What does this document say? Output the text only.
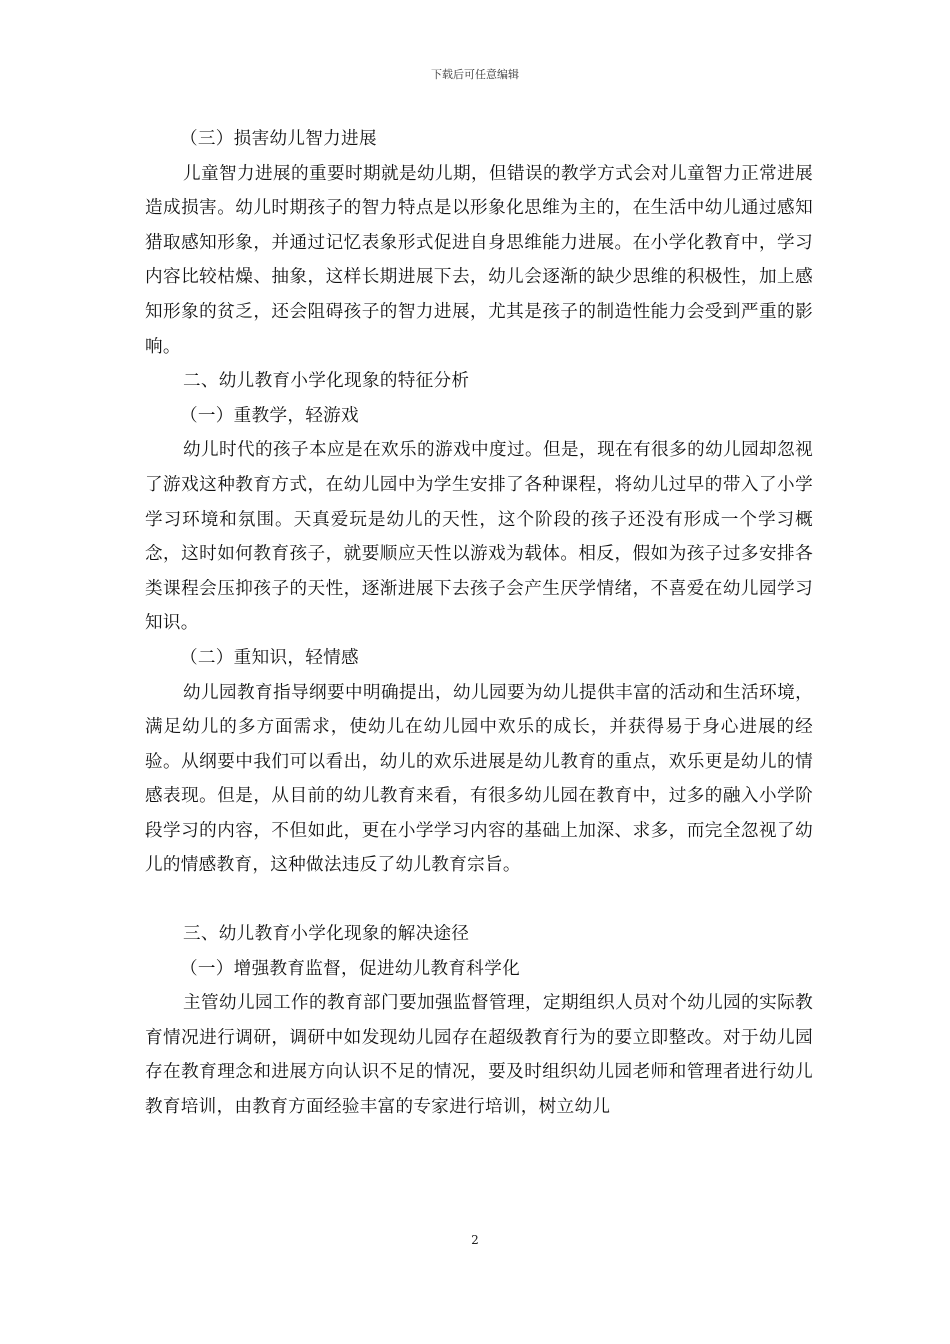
下载后可任意编辑

（三）损害幼儿智力进展

儿童智力进展的重要时期就是幼儿期，但错误的教学方式会对儿童智力正常进展造成损害。幼儿时期孩子的智力特点是以形象化思维为主的，在生活中幼儿通过感知猎取感知形象，并通过记忆表象形式促进自身思维能力进展。在小学化教育中，学习内容比较枯燥、抽象，这样长期进展下去，幼儿会逐渐的缺少思维的积极性，加上感知形象的贫乏，还会阻碍孩子的智力进展，尤其是孩子的制造性能力会受到严重的影响。

二、幼儿教育小学化现象的特征分析

（一）重教学，轻游戏

幼儿时代的孩子本应是在欢乐的游戏中度过。但是，现在有很多的幼儿园却忽视了游戏这种教育方式，在幼儿园中为学生安排了各种课程，将幼儿过早的带入了小学学习环境和氛围。天真爱玩是幼儿的天性，这个阶段的孩子还没有形成一个学习概念，这时如何教育孩子，就要顺应天性以游戏为载体。相反，假如为孩子过多安排各类课程会压抑孩子的天性，逐渐进展下去孩子会产生厌学情绪，不喜爱在幼儿园学习知识。

（二）重知识，轻情感

幼儿园教育指导纲要中明确提出，幼儿园要为幼儿提供丰富的活动和生活环境，满足幼儿的多方面需求，使幼儿在幼儿园中欢乐的成长，并获得易于身心进展的经验。从纲要中我们可以看出，幼儿的欢乐进展是幼儿教育的重点，欢乐更是幼儿的情感表现。但是，从目前的幼儿教育来看，有很多幼儿园在教育中，过多的融入小学阶段学习的内容，不但如此，更在小学学习内容的基础上加深、求多，而完全忽视了幼儿的情感教育，这种做法违反了幼儿教育宗旨。

三、幼儿教育小学化现象的解决途径

（一）增强教育监督，促进幼儿教育科学化

主管幼儿园工作的教育部门要加强监督管理，定期组织人员对个幼儿园的实际教育情况进行调研，调研中如发现幼儿园存在超级教育行为的要立即整改。对于幼儿园存在教育理念和进展方向认识不足的情况，要及时组织幼儿园老师和管理者进行幼儿教育培训，由教育方面经验丰富的专家进行培训，树立幼儿

2
